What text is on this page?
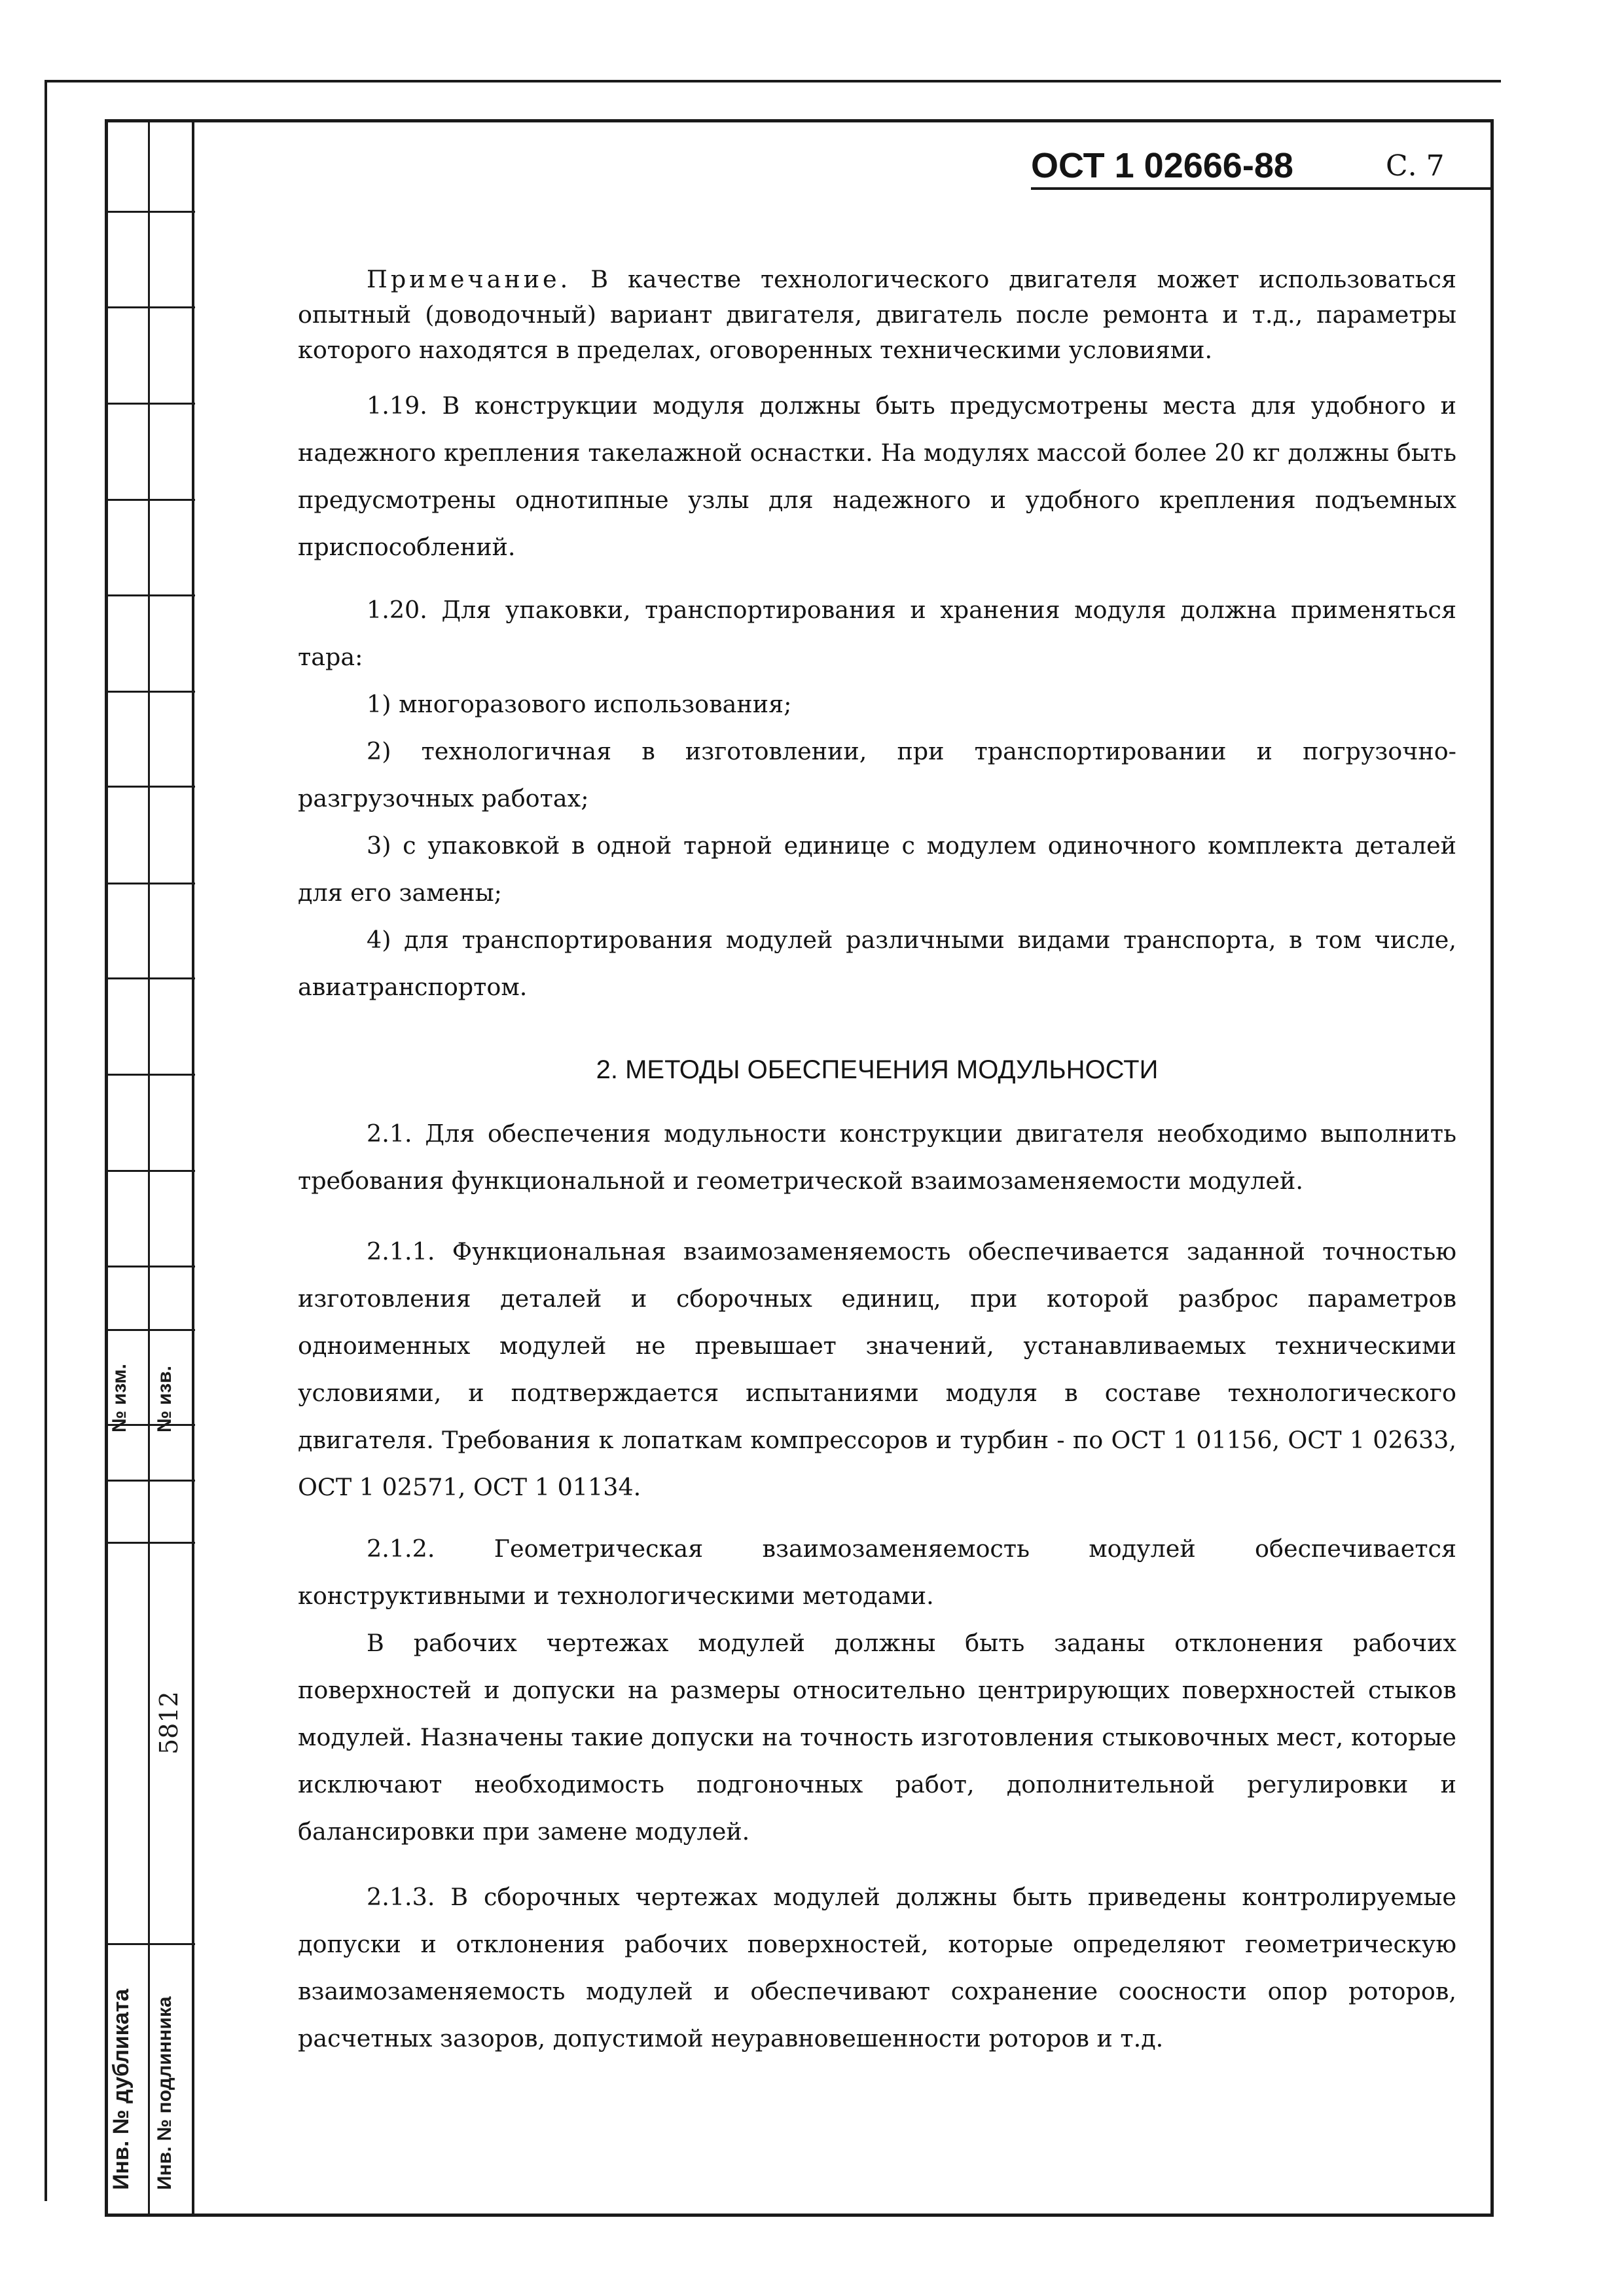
№ изм. № изв.
Инв. № дубликата Инв. № подлинника
5812
ОСТ 1 02666-88	С. 7
Примечание. В качестве технологического двигателя может использоваться опытный (доводочный) вариант двигателя, двигатель после ремонта и т.д., параметры которого находятся в пределах, оговоренных техническими условиями.

1.19. В конструкции модуля должны быть предусмотрены места для удобного и надежного крепления такелажной оснастки. На модулях массой более 20 кг должны быть предусмотрены однотипные узлы для надежного и удобного крепления подъемных приспособлений.

1.20. Для упаковки, транспортирования и хранения модуля должна применяться тара:

1) многоразового использования;

2) технологичная в изготовлении, при транспортировании и погрузочно-разгрузочных работах;

3) с упаковкой в одной тарной единице с модулем одиночного комплекта деталей для его замены;

4) для транспортирования модулей различными видами транспорта, в том числе, авиатранспортом.

2. МЕТОДЫ ОБЕСПЕЧЕНИЯ МОДУЛЬНОСТИ

2.1. Для обеспечения модульности конструкции двигателя необходимо выполнить требования функциональной и геометрической взаимозаменяемости модулей.

2.1.1. Функциональная взаимозаменяемость обеспечивается заданной точностью изготовления деталей и сборочных единиц, при которой разброс параметров одноименных модулей не превышает значений, устанавливаемых техническими условиями, и подтверждается испытаниями модуля в составе технологического двигателя. Требования к лопаткам компрессоров и турбин - по ОСТ 1 01156, ОСТ 1 02633, ОСТ 1 02571, ОСТ 1 01134.

2.1.2. Геометрическая взаимозаменяемость модулей обеспечивается конструктивными и технологическими методами.

В рабочих чертежах модулей должны быть заданы отклонения рабочих поверхностей и допуски на размеры относительно центрирующих поверхностей стыков модулей. Назначены такие допуски на точность изготовления стыковочных мест, которые исключают необходимость подгоночных работ, дополнительной регулировки и балансировки при замене модулей.

2.1.3. В сборочных чертежах модулей должны быть приведены контролируемые допуски и отклонения рабочих поверхностей, которые определяют геометрическую взаимозаменяемость модулей и обеспечивают сохранение соосности опор роторов, расчетных зазоров, допустимой неуравновешенности роторов и т.д.
